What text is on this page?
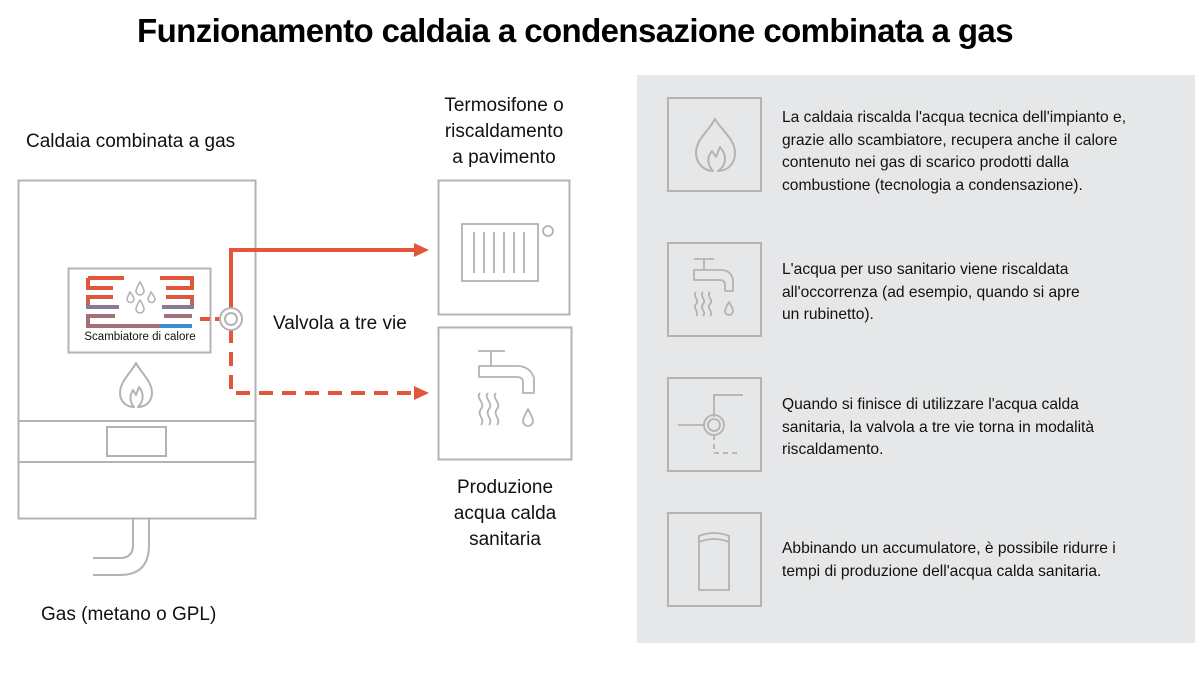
Funzionamento caldaia a condensazione combinata a gas
Caldaia combinata a gas
Scambiatore di calore
Valvola a tre vie
Gas (metano o GPL)
Termosifone o
riscaldamento
a pavimento
Produzione
acqua calda
sanitaria
La caldaia riscalda l'acqua tecnica dell'impianto e,
grazie allo scambiatore, recupera anche il calore
contenuto nei gas di scarico prodotti dalla
combustione (tecnologia a condensazione).
L'acqua per uso sanitario viene riscaldata
all'occorrenza (ad esempio, quando si apre
un rubinetto).
Quando si finisce di utilizzare l'acqua calda
sanitaria, la valvola a tre vie torna in modalità
riscaldamento.
Abbinando un accumulatore, è possibile ridurre i
tempi di produzione dell'acqua calda sanitaria.
